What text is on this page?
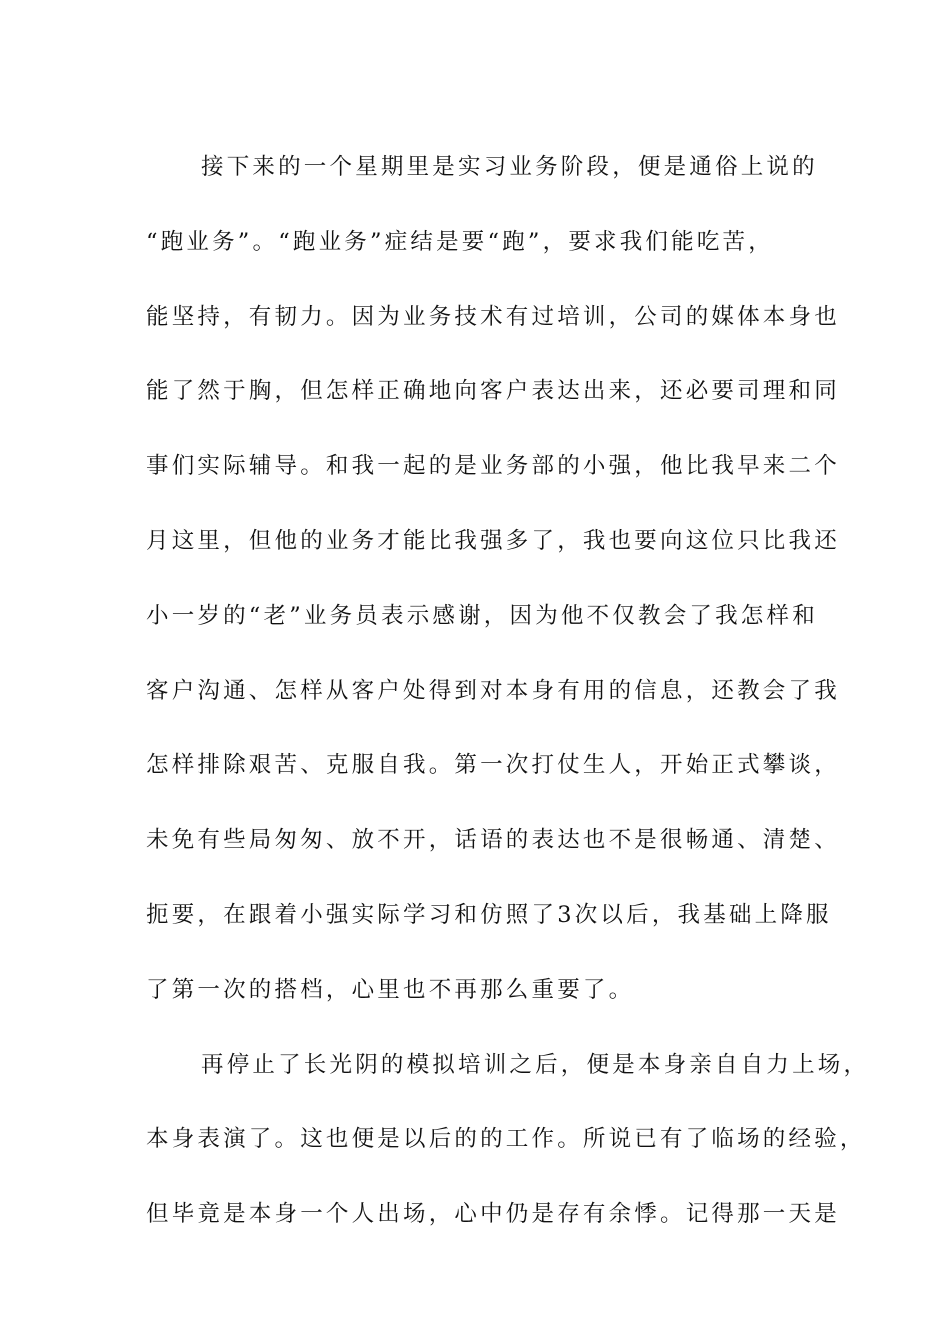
接下来的一个星期里是实习业务阶段，便是通俗上说的
“跑业务”。“跑业务”症结是要“跑”，要求我们能吃苦，
能坚持，有韧力。因为业务技术有过培训，公司的媒体本身也
能了然于胸，但怎样正确地向客户表达出来，还必要司理和同
事们实际辅导。和我一起的是业务部的小强，他比我早来二个
月这里，但他的业务才能比我强多了，我也要向这位只比我还
小一岁的“老”业务员表示感谢，因为他不仅教会了我怎样和
客户沟通、怎样从客户处得到对本身有用的信息，还教会了我
怎样排除艰苦、克服自我。第一次打仗生人，开始正式攀谈，
未免有些局匆匆、放不开，话语的表达也不是很畅通、清楚、
扼要，在跟着小强实际学习和仿照了3次以后，我基础上降服
了第一次的搭档，心里也不再那么重要了。
再停止了长光阴的模拟培训之后，便是本身亲自自力上场，
本身表演了。这也便是以后的的工作。所说已有了临场的经验，
但毕竟是本身一个人出场，心中仍是存有余悸。记得那一天是
